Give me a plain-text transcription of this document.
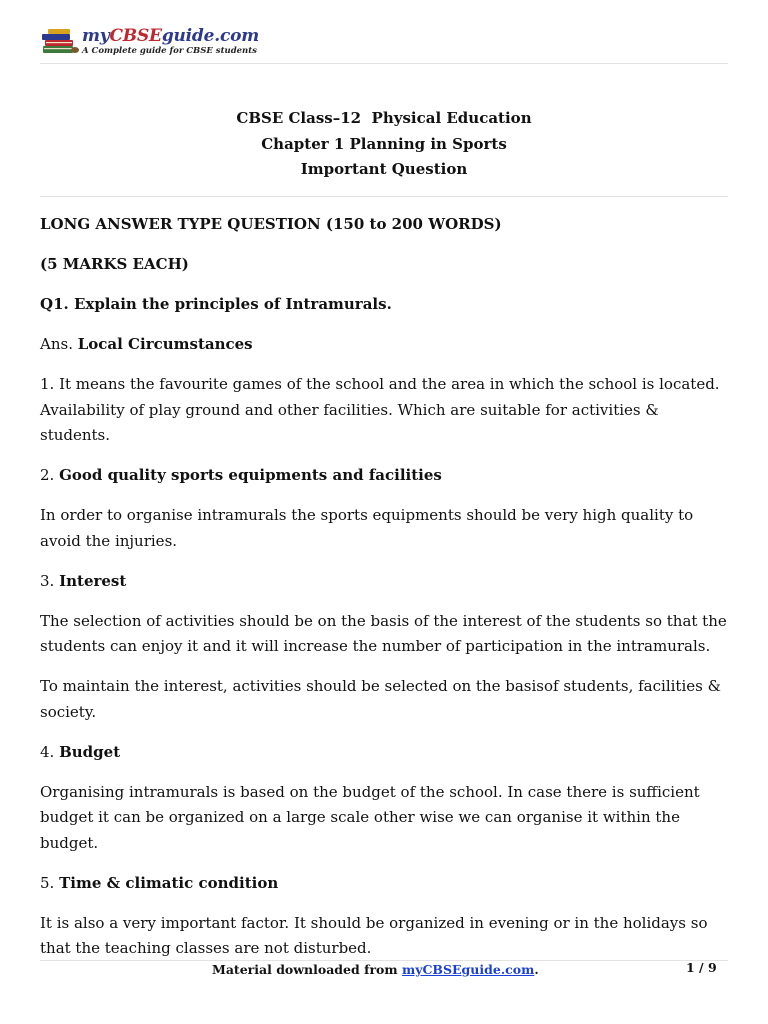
myCBSEguide.com
A Complete guide for CBSE students
CBSE Class–12  Physical Education
Chapter 1 Planning in Sports
Important Question

LONG ANSWER TYPE QUESTION (150 to 200 WORDS)

(5 MARKS EACH)

Q1. Explain the principles of Intramurals.

Ans. Local Circumstances

1. It means the favourite games of the school and the area in which the school is located. Availability of play ground and other facilities. Which are suitable for activities & students.

2. Good quality sports equipments and facilities

In order to organise intramurals the sports equipments should be very high quality to avoid the injuries.

3. Interest

The selection of activities should be on the basis of the interest of the students so that the students can enjoy it and it will increase the number of participation in the intramurals.

To maintain the interest, activities should be selected on the basisof students, facilities & society.

4. Budget

Organising intramurals is based on the budget of the school. In case there is sufficient budget it can be organized on a large scale other wise we can organise it within the budget.

5. Time & climatic condition

It is also a very important factor. It should be organized in evening or in the holidays so that the teaching classes are not disturbed.

Material downloaded from myCBSEguide.com.	1 / 9
